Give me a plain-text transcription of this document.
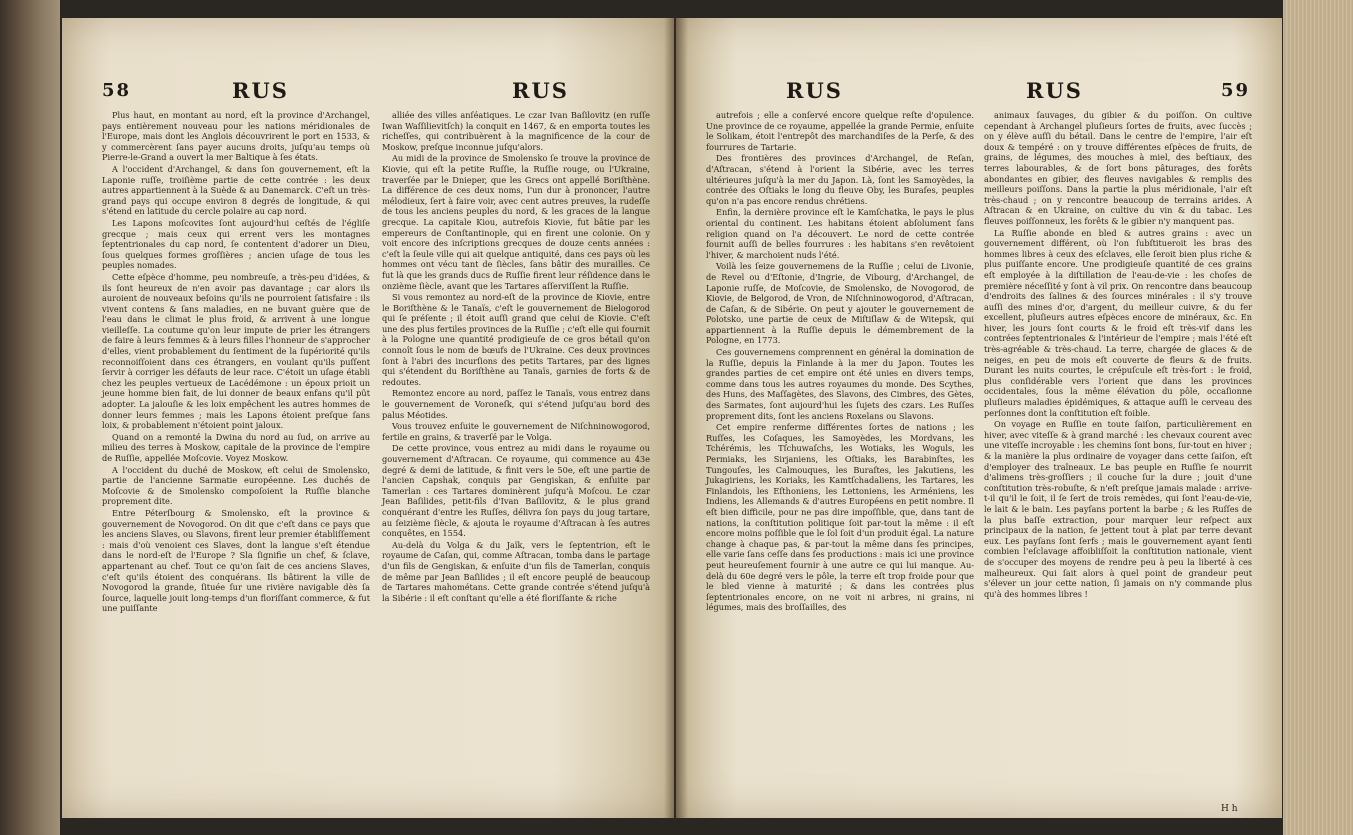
58	RUS	RUS

Plus haut, en montant au nord, eſt la province d'Archangel, pays entièrement nouveau pour les nations méridionales de l'Europe, mais dont les Anglois découvrirent le port en 1533, & y commercèrent ſans payer aucuns droits, juſqu'au temps où Pierre-le-Grand a ouvert la mer Baltique à ſes états.

A l'occident d'Archangel, & dans ſon gouvernement, eſt la Laponie ruſſe, troiſième partie de cette contrée : les deux autres appartiennent à la Suède & au Danemarck. C'eſt un très-grand pays qui occupe environ 8 degrés de longitude, & qui s'étend en latitude du cercle polaire au cap nord.

Les Lapons moſcovites ſont aujourd'hui ceſtés de l'égliſe grecque ; mais ceux qui errent vers les montagnes ſeptentrionales du cap nord, ſe contentent d'adorer un Dieu, ſous quelques formes groſſières ; ancien uſage de tous les peuples nomades.

Cette eſpèce d'homme, peu nombreuſe, a très-peu d'idées, & ils ſont heureux de n'en avoir pas davantage ; car alors ils auroient de nouveaux beſoins qu'ils ne pourroient ſatisfaire : ils vivent contens & ſans maladies, en ne buvant guère que de l'eau dans le climat le plus froid, & arrivent à une longue vieilleſſe. La coutume qu'on leur impute de prier les étrangers de faire à leurs femmes & à leurs filles l'honneur de s'approcher d'elles, vient probablement du ſentiment de la ſupériorité qu'ils reconnoiſſoient dans ces étrangers, en voulant qu'ils puſſent ſervir à corriger les défauts de leur race. C'étoit un uſage établi chez les peuples vertueux de Lacédémone : un époux prioit un jeune homme bien fait, de lui donner de beaux enfans qu'il pût adopter. La jalouſie & les loix empêchent les autres hommes de donner leurs femmes ; mais les Lapons étoient preſque ſans loix, & probablement n'étoient point jaloux.

Quand on a remonté la Dwina du nord au ſud, on arrive au milieu des terres à Moskow, capitale de la province de l'empire de Ruſſie, appellée Moſcovie. Voyez Moskow.

A l'occident du duché de Moskow, eſt celui de Smolensko, partie de l'ancienne Sarmatie européenne. Les duchés de Moſcovie & de Smolensko compoſoient la Ruſſie blanche proprement dite.

Entre Péterſbourg & Smolensko, eſt la province & gouvernement de Novogorod. On dit que c'eſt dans ce pays que les anciens Slaves, ou Slavons, firent leur premier établiſſement : mais d'où venoient ces Slaves, dont la langue s'eſt étendue dans le nord-eſt de l'Europe ? Sla ſignifie un chef, & ſclave, appartenant au chef. Tout ce qu'on ſait de ces anciens Slaves, c'eſt qu'ils étoient des conquérans. Ils bâtirent la ville de Novogorod la grande, ſituée ſur une rivière navigable dès ſa ſource, laquelle jouit long-temps d'un floriſſant commerce, & fut une puiſſante

alliée des villes anſéatiques. Le czar Ivan Baſilovitz (en ruſſe Iwan Waſſilievitſch) la conquit en 1467, & en emporta toutes les richeſſes, qui contribuèrent à la magnificence de la cour de Moskow, preſque inconnue juſqu'alors.

Au midi de la province de Smolensko ſe trouve la province de Kiovie, qui eſt la petite Ruſſie, la Ruſſie rouge, ou l'Ukraine, traverſée par le Dnieper, que les Grecs ont appellé Boriſthène. La différence de ces deux noms, l'un dur à prononcer, l'autre mélodieux, ſert à faire voir, avec cent autres preuves, la rudeſſe de tous les anciens peuples du nord, & les graces de la langue grecque. La capitale Kiou, autrefois Kiovie, fut bâtie par les empereurs de Conſtantinople, qui en firent une colonie. On y voit encore des inſcriptions grecques de douze cents années : c'eſt la ſeule ville qui ait quelque antiquité, dans ces pays où les hommes ont vécu tant de ſiècles, ſans bâtir des murailles. Ce fut là que les grands ducs de Ruſſie firent leur réſidence dans le onzième ſiècle, avant que les Tartares aſſerviſſent la Ruſſie.

Si vous remontez au nord-eſt de la province de Kiovie, entre le Boriſthène & le Tanaïs, c'eſt le gouvernement de Bielogorod qui ſe préſente ; il étoit auſſi grand que celui de Kiovie. C'eſt une des plus fertiles provinces de la Ruſſie ; c'eſt elle qui fournit à la Pologne une quantité prodigieuſe de ce gros bétail qu'on connoît ſous le nom de bœufs de l'Ukraine. Ces deux provinces ſont à l'abri des incurſions des petits Tartares, par des lignes qui s'étendent du Boriſthène au Tanaïs, garnies de forts & de redoutes.

Remontez encore au nord, paſſez le Tanaïs, vous entrez dans le gouvernement de Voroneſk, qui s'étend juſqu'au bord des palus Méotides.

Vous trouvez enſuite le gouvernement de Niſchninowogorod, fertile en grains, & traverſé par le Volga.

De cette province, vous entrez au midi dans le royaume ou gouvernement d'Aſtracan. Ce royaume, qui commence au 43e degré & demi de latitude, & finit vers le 50e, eſt une partie de l'ancien Capshak, conquis par Gengiskan, & enſuite par Tamerlan : ces Tartares dominèrent juſqu'à Moſcou. Le czar Jean Baſilides, petit-fils d'Ivan Baſilovitz, & le plus grand conquérant d'entre les Ruſſes, délivra ſon pays du joug tartare, au ſeizième ſiècle, & ajouta le royaume d'Aſtracan à ſes autres conquêtes, en 1554.

Au-delà du Volga & du Jaïk, vers le ſeptentrion, eſt le royaume de Caſan, qui, comme Aſtracan, tomba dans le partage d'un fils de Gengiskan, & enſuite d'un fils de Tamerlan, conquis de même par Jean Baſilides ; il eſt encore peuplé de beaucoup de Tartares mahométans. Cette grande contrée s'étend juſqu'à la Sibérie : il eſt conſtant qu'elle a été floriſſante & riche

RUS	RUS	59

autrefois ; elle a conſervé encore quelque reſte d'opulence. Une province de ce royaume, appellée la grande Permie, enſuite le Solikam, étoit l'entrepôt des marchandiſes de la Perſe, & des fourrures de Tartarie.

Des frontières des provinces d'Archangel, de Reſan, d'Aſtracan, s'étend à l'orient la Sibérie, avec les terres ultérieures juſqu'à la mer du Japon. Là, ſont les Samoyèdes, la contrée des Oſtiaks le long du fleuve Oby, les Buraſes, peuples qu'on n'a pas encore rendus chrétiens.

Enfin, la dernière province eſt le Kamſchatka, le pays le plus oriental du continent. Les habitans étoient abſolument ſans religion quand on l'a découvert. Le nord de cette contrée fournit auſſi de belles fourrures : les habitans s'en revêtoient l'hiver, & marchoient nuds l'été.

Voilà les ſeize gouvernemens de la Ruſſie ; celui de Livonie, de Revel ou d'Eſtonie, d'Ingrie, de Vibourg, d'Archangel, de Laponie ruſſe, de Moſcovie, de Smolensko, de Novogorod, de Kiovie, de Belgorod, de Vron, de Niſchninowogorod, d'Aſtracan, de Caſan, & de Sibérie. On peut y ajouter le gouvernement de Polotsko, une partie de ceux de Miſtiſlaw & de Witepsk, qui appartiennent à la Ruſſie depuis le démembrement de la Pologne, en 1773.

Ces gouvernemens comprennent en général la domination de la Ruſſie, depuis la Finlande à la mer du Japon. Toutes les grandes parties de cet empire ont été unies en divers temps, comme dans tous les autres royaumes du monde. Des Scythes, des Huns, des Maſſagètes, des Slavons, des Cimbres, des Gètes, des Sarmates, ſont aujourd'hui les ſujets des czars. Les Ruſſes proprement dits, ſont les anciens Roxelans ou Slavons.

Cet empire renferme différentes ſortes de nations ; les Ruſſes, les Coſaques, les Samoyèdes, les Mordvans, les Tchérémis, les Tſchuwaſchs, les Wotiaks, les Woguls, les Permiaks, les Sirjaniens, les Oſtiaks, les Barabinſtes, les Tungouſes, les Calmouques, les Buraſtes, les Jakutiens, les Jukagiriens, les Koriaks, les Kamtſchadaliens, les Tartares, les Finlandois, les Eſthoniens, les Lettoniens, les Arméniens, les Indiens, les Allemands & d'autres Européens en petit nombre. Il eſt bien difficile, pour ne pas dire impoſſible, que, dans tant de nations, la conſtitution politique ſoit par-tout la même : il eſt encore moins poſſible que le ſol ſoit d'un produit égal. La nature change à chaque pas, & par-tout la même dans ſes principes, elle varie ſans ceſſe dans ſes productions : mais ici une province peut heureuſement fournir à une autre ce qui lui manque. Au-delà du 60e degré vers le pôle, la terre eſt trop froide pour que le bled vienne à maturité ; & dans les contrées plus ſeptentrionales encore, on ne voit ni arbres, ni grains, ni légumes, mais des broſſailles, des

animaux ſauvages, du gibier & du poiſſon. On cultive cependant à Archangel pluſieurs ſortes de fruits, avec ſuccès ; on y élève auſſi du bétail. Dans le centre de l'empire, l'air eſt doux & tempéré : on y trouve différentes eſpèces de fruits, de grains, de légumes, des mouches à miel, des beſtiaux, des terres labourables, & de ſort bons pâturages, des forêts abondantes en gibier, des fleuves navigables & remplis des meilleurs poiſſons. Dans la partie la plus méridionale, l'air eſt très-chaud ; on y rencontre beaucoup de terrains arides. A Aſtracan & en Ukraine, on cultive du vin & du tabac. Les fleuves poiſſonneux, les forêts & le gibier n'y manquent pas.

La Ruſſie abonde en bled & autres grains : avec un gouvernement différent, où l'on ſubſtitueroit les bras des hommes libres à ceux des eſclaves, elle ſeroit bien plus riche & plus puiſſante encore. Une prodigieuſe quantité de ces grains eſt employée à la diſtillation de l'eau-de-vie : les choſes de première néceſſité y ſont à vil prix. On rencontre dans beaucoup d'endroits des ſalines & des ſources minérales : il s'y trouve auſſi des mines d'or, d'argent, du meilleur cuivre, & du fer excellent, pluſieurs autres eſpèces encore de minéraux, &c. En hiver, les jours ſont courts & le froid eſt très-vif dans les contrées ſeptentrionales & l'intérieur de l'empire ; mais l'été eſt très-agréable & très-chaud. La terre, chargée de glaces & de neiges, en peu de mois eſt couverte de fleurs & de fruits. Durant les nuits courtes, le crépuſcule eſt très-fort : le froid, plus conſidérable vers l'orient que dans les provinces occidentales, ſous la même élévation du pôle, occaſionne pluſieurs maladies épidémiques, & attaque auſſi le cerveau des perſonnes dont la conſtitution eſt foible.

On voyage en Ruſſie en toute ſaiſon, particulièrement en hiver, avec viteſſe & à grand marché : les chevaux courent avec une viteſſe incroyable : les chemins ſont bons, ſur-tout en hiver ; & la manière la plus ordinaire de voyager dans cette ſaiſon, eſt d'employer des traîneaux. Le bas peuple en Ruſſie ſe nourrit d'alimens très-groſſiers ; il couche ſur la dure ; jouit d'une conſtitution très-robuſte, & n'eſt preſque jamais malade : arrive-t-il qu'il le ſoit, il ſe ſert de trois remèdes, qui ſont l'eau-de-vie, le lait & le bain. Les payſans portent la barbe ; & les Ruſſes de la plus baſſe extraction, pour marquer leur reſpect aux principaux de la nation, ſe jettent tout à plat par terre devant eux. Les payſans ſont ſerfs ; mais le gouvernement ayant ſenti combien l'eſclavage affoibliſſoit la conſtitution nationale, vient de s'occuper des moyens de rendre peu à peu la liberté à ces malheureux. Qui ſait alors à quel point de grandeur peut s'élever un jour cette nation, ſi jamais on n'y commande plus qu'à des hommes libres !

H h
